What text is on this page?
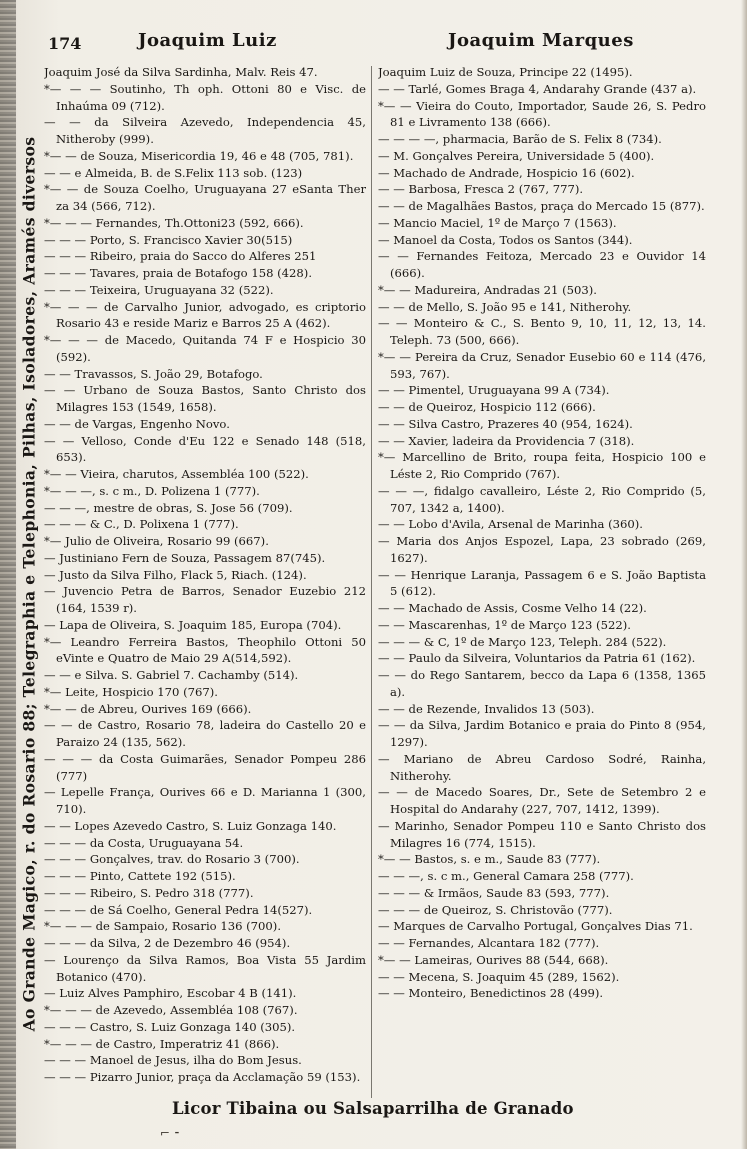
174	Joaquim Luiz	Joaquim Marques
Ao Grande Magico, r. do Rosario 88; Telegraphia e Telephonia, Pilhas, Isoladores, Aramés diversos

Joaquim José da Silva Sardinha, Malv. Reis 47.

*— — — Soutinho, Th oph. Ottoni 80 e Visc. de Inhaúma 09 (712).

— — da Silveira Azevedo, Independencia 45, Nitheroby (999).

*— — de Souza, Misericordia 19, 46 e 48 (705, 781).

— — e Almeida, B. de S.Felix 113 sob. (123)

*— — de Souza Coelho, Uruguayana 27 eSanta Ther za 34 (566, 712).

*— — — Fernandes, Th.Ottoni23 (592, 666).

— — — Porto, S. Francisco Xavier 30(515)

— — — Ribeiro, praia do Sacco do Alferes 251

— — — Tavares, praia de Botafogo 158 (428).

— — — Teixeira, Uruguayana 32 (522).

*— — — de Carvalho Junior, advogado, es criptorio Rosario 43 e reside Mariz e Barros 25 A (462).

*— — — de Macedo, Quitanda 74 F e Hospicio 30 (592).

— — Travassos, S. João 29, Botafogo.

— — Urbano de Souza Bastos, Santo Christo dos Milagres 153 (1549, 1658).

— — de Vargas, Engenho Novo.

— — Velloso, Conde d'Eu 122 e Senado 148 (518, 653).

*— — Vieira, charutos, Assembléa 100 (522).

*— — —, s. c m., D. Polizena 1 (777).

— — —, mestre de obras, S. Jose 56 (709).

— — — & C., D. Polixena 1 (777).

*— Julio de Oliveira, Rosario 99 (667).

— Justiniano Fern de Souza, Passagem 87(745).

— Justo da Silva Filho, Flack 5, Riach. (124).

— Juvencio Petra de Barros, Senador Euzebio 212 (164, 1539 r).

— Lapa de Oliveira, S. Joaquim 185, Europa (704).

*— Leandro Ferreira Bastos, Theophilo Ottoni 50 eVinte e Quatro de Maio 29 A(514,592).

— — e Silva. S. Gabriel 7. Cachamby (514).

*— Leite, Hospicio 170 (767).

*— — de Abreu, Ourives 169 (666).

— — de Castro, Rosario 78, ladeira do Castello 20 e Paraizo 24 (135, 562).

— — — da Costa Guimarães, Senador Pompeu 286 (777)

— Lepelle França, Ourives 66 e D. Marianna 1 (300, 710).

— — Lopes Azevedo Castro, S. Luiz Gonzaga 140.

— — — da Costa, Uruguayana 54.

— — — Gonçalves, trav. do Rosario 3 (700).

— — — Pinto, Cattete 192 (515).

— — — Ribeiro, S. Pedro 318 (777).

— — — de Sá Coelho, General Pedra 14(527).

*— — — de Sampaio, Rosario 136 (700).

— — — da Silva, 2 de Dezembro 46 (954).

— Lourenço da Silva Ramos, Boa Vista 55 Jardim Botanico (470).

— Luiz Alves Pamphiro, Escobar 4 B (141).

*— — — de Azevedo, Assembléa 108 (767).

— — — Castro, S. Luiz Gonzaga 140 (305).

*— — — de Castro, Imperatriz 41 (866).

— — — Manoel de Jesus, ilha do Bom Jesus.

— — — Pizarro Junior, praça da Acclamação 59 (153).

Joaquim Luiz de Souza, Principe 22 (1495).

— — Tarlé, Gomes Braga 4, Andarahy Grande (437 a).

*— — Vieira do Couto, Importador, Saude 26, S. Pedro 81 e Livramento 138 (666).

— — — —, pharmacia, Barão de S. Felix 8 (734).

— M. Gonçalves Pereira, Universidade 5 (400).

— Machado de Andrade, Hospicio 16 (602).

— — Barbosa, Fresca 2 (767, 777).

— — de Magalhães Bastos, praça do Mercado 15 (877).

— Mancio Maciel, 1º de Março 7 (1563).

— Manoel da Costa, Todos os Santos (344).

— — Fernandes Feitoza, Mercado 23 e Ouvidor 14 (666).

*— — Madureira, Andradas 21 (503).

— — de Mello, S. João 95 e 141, Nitherohy.

— — Monteiro & C., S. Bento 9, 10, 11, 12, 13, 14. Teleph. 73 (500, 666).

*— — Pereira da Cruz, Senador Eusebio 60 e 114 (476, 593, 767).

— — Pimentel, Uruguayana 99 A (734).

— — de Queiroz, Hospicio 112 (666).

— — Silva Castro, Prazeres 40 (954, 1624).

— — Xavier, ladeira da Providencia 7 (318).

*— Marcellino de Brito, roupa feita, Hospicio 100 e Léste 2, Rio Comprido (767).

— — —, fidalgo cavalleiro, Léste 2, Rio Comprido (5, 707, 1342 a, 1400).

— — Lobo d'Avila, Arsenal de Marinha (360).

— Maria dos Anjos Espozel, Lapa, 23 sobrado (269, 1627).

— — Henrique Laranja, Passagem 6 e S. João Baptista 5 (612).

— — Machado de Assis, Cosme Velho 14 (22).

— — Mascarenhas, 1º de Março 123 (522).

— — — & C, 1º de Março 123, Teleph. 284 (522).

— — Paulo da Silveira, Voluntarios da Patria 61 (162).

— — do Rego Santarem, becco da Lapa 6 (1358, 1365 a).

— — de Rezende, Invalidos 13 (503).

— — da Silva, Jardim Botanico e praia do Pinto 8 (954, 1297).

— Mariano de Abreu Cardoso Sodré, Rainha, Nitherohy.

— — de Macedo Soares, Dr., Sete de Setembro 2 e Hospital do Andarahy (227, 707, 1412, 1399).

— Marinho, Senador Pompeu 110 e Santo Christo dos Milagres 16 (774, 1515).

*— — Bastos, s. e m., Saude 83 (777).

— — —, s. c m., General Camara 258 (777).

— — — & Irmãos, Saude 83 (593, 777).

— — — de Queiroz, S. Christovão (777).

— Marques de Carvalho Portugal, Gonçalves Dias 71.

— — Fernandes, Alcantara 182 (777).

*— — Lameiras, Ourives 88 (544, 668).

— — Mecena, S. Joaquim 45 (289, 1562).

— — Monteiro, Benedictinos 28 (499).

Licor Tibaina ou Salsaparrilha de Granado
⌐ ⁃
